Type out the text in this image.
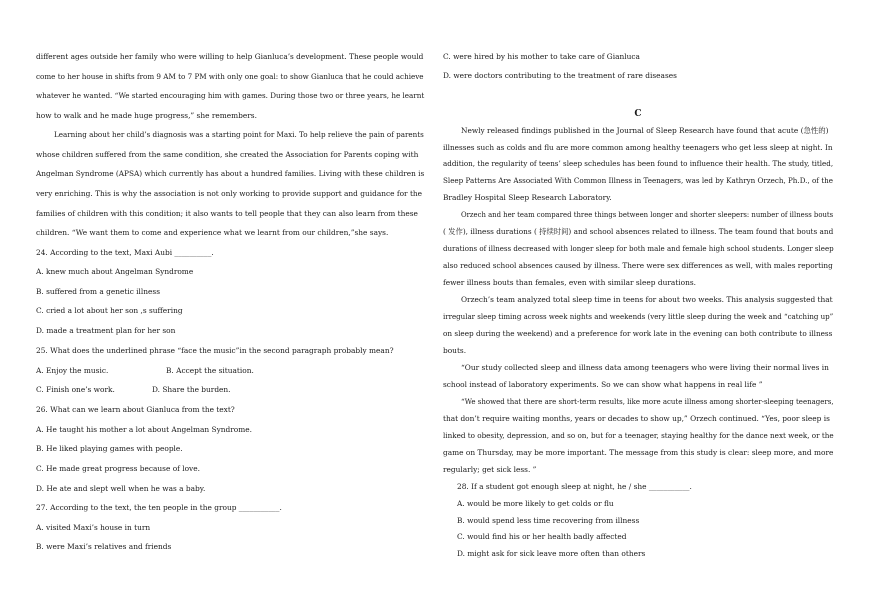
different ages outside her family who were willing to help Gianluca’s development. These people would
come to her house in shifts from 9 AM to 7 PM with only one goal: to show Gianluca that he could achieve
whatever he wanted. “We started encouraging him with games. During those two or three years, he learnt
how to walk and he made huge progress,” she remembers.
Learning about her child’s diagnosis was a starting point for Maxi. To help relieve the pain of parents
whose children suffered from the same condition, she created the Association for Parents coping with
Angelman Syndrome (APSA) which currently has about a hundred families. Living with these children is
very enriching. This is why the association is not only working to provide support and guidance for the
families of children with this condition; it also wants to tell people that they can also learn from these
children. “We want them to come and experience what we learnt from our children,”she says.
24. According to the text, Maxi Aubi __________.
A. knew much about Angelman Syndrome
B. suffered from a genetic illness
C. cried a lot about her son ,s suffering
D. made a treatment plan for her son
25. What does the underlined phrase “face the music”in the second paragraph probably mean?
A. Enjoy the music.	B. Accept the situation.
C. Finish one’s work.	D. Share the burden.
26. What can we learn about Gianluca from the text?
A. He taught his mother a lot about Angelman Syndrome.
B. He liked playing games with people.
C. He made great progress because of love.
D. He ate and slept well when he was a baby.
27. According to the text, the ten people in the group ___________.
A. visited Maxi’s house in turn
B. were Maxi’s relatives and friends
C. were hired by his mother to take care of Gianluca
D. were doctors contributing to the treatment of rare diseases
C
Newly released findings published in the Journal of Sleep Research have found that acute (急性的)
illnesses such as colds and flu are more common among healthy teenagers who get less sleep at night. In
addition, the regularity of teens’ sleep schedules has been found to influence their health. The study, titled,
Sleep Patterns Are Associated With Common Illness in Teenagers, was led by Kathryn Orzech, Ph.D., of the
Bradley Hospital Sleep Research Laboratory.
Orzech and her team compared three things between longer and shorter sleepers: number of illness bouts
( 发作), illness durations ( 持续时间) and school absences related to illness. The team found that bouts and
durations of illness decreased with longer sleep for both male and female high school students. Longer sleep
also reduced school absences caused by illness. There were sex differences as well, with males reporting
fewer illness bouts than females, even with similar sleep durations.
Orzech’s team analyzed total sleep time in teens for about two weeks. This analysis suggested that
irregular sleep timing across week nights and weekends (very little sleep during the week and “catching up”
on sleep during the weekend) and a preference for work late in the evening can both contribute to illness
bouts.
“Our study collected sleep and illness data among teenagers who were living their normal lives in
school instead of laboratory experiments. So we can show what happens in real life ”
“We showed that there are short-term results, like more acute illness among shorter-sleeping teenagers,
that don’t require waiting months, years or decades to show up,” Orzech continued. “Yes, poor sleep is
linked to obesity, depression, and so on, but for a teenager, staying healthy for the dance next week, or the
game on Thursday, may be more important. The message from this study is clear: sleep more, and more
regularly; get sick less. ”
28. If a student got enough sleep at night, he / she ___________.
A. would be more likely to get colds or flu
B. would spend less time recovering from illness
C. would find his or her health badly affected
D. might ask for sick leave more often than others
